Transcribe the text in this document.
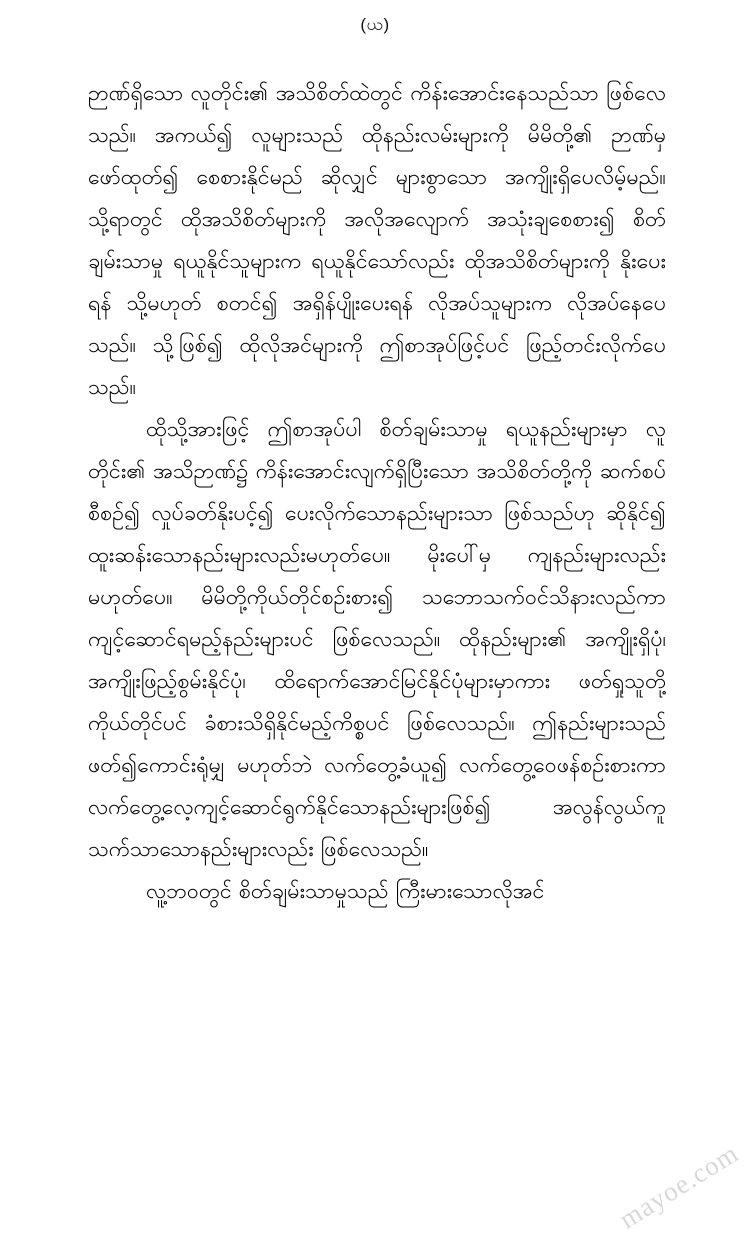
(ယ)

ဉာဏ်ရှိသော လူတိုင်း၏ အသိစိတ်ထဲတွင် ကိန်းအောင်းနေသည်သာ ဖြစ်လေသည်။ အကယ်၍ လူများသည် ထိုနည်းလမ်းများကို မိမိတို့၏ ဉာဏ်မှဖော်ထုတ်၍ စေစားနိုင်မည် ဆိုလျှင် များစွာသော အကျိုးရှိပေလိမ့်မည်။ သို့ရာတွင် ထိုအသိစိတ်များကို အလိုအလျောက် အသုံးချစေစား၍ စိတ်ချမ်းသာမှု ရယူနိုင်သူများက ရယူနိုင်သော်လည်း ထိုအသိစိတ်များကို နိုးပေးရန် သို့မဟုတ် စတင်၍ အရှိန်ပျိုးပေးရန် လိုအပ်သူများက လိုအပ်နေပေသည်။ သို့ဖြစ်၍ ထိုလိုအင်များကို ဤစာအုပ်ဖြင့်ပင် ဖြည့်တင်းလိုက်ပေသည်။

ထိုသို့အားဖြင့် ဤစာအုပ်ပါ စိတ်ချမ်းသာမှု ရယူနည်းများမှာ လူတိုင်း၏ အသိဉာဏ်၌ ကိန်းအောင်းလျက်ရှိပြီးသော အသိစိတ်တို့ကို ဆက်စပ်စီစဉ်၍ လှုပ်ခတ်နိုးပင့်၍ ပေးလိုက်သောနည်းများသာ ဖြစ်သည်ဟု ဆိုနိုင်၍ ထူးဆန်းသောနည်းများလည်းမဟုတ်ပေ။ မိုးပေါ်မှ ကျနည်းများလည်း မဟုတ်ပေ။ မိမိတို့ကိုယ်တိုင်စဉ်းစား၍ သဘောသက်ဝင်သိနားလည်ကာ ကျင့်ဆောင်ရမည့်နည်းများပင် ဖြစ်လေသည်။ ထိုနည်းများ၏ အကျိုးရှိပုံ၊ အကျိုးဖြည့်စွမ်းနိုင်ပုံ၊ ထိရောက်အောင်မြင်နိုင်ပုံများမှာကား ဖတ်ရှုသူတို့ကိုယ်တိုင်ပင် ခံစားသိရှိနိုင်မည့်ကိစ္စပင် ဖြစ်လေသည်။ ဤနည်းများသည် ဖတ်၍ကောင်းရုံမျှ မဟုတ်ဘဲ လက်တွေ့ခံယူ၍ လက်တွေ့ဝေဖန်စဉ်းစားကာ လက်တွေ့လေ့ကျင့်ဆောင်ရွက်နိုင်သောနည်းများဖြစ်၍ အလွန်လွယ်ကူသက်သာသောနည်းများလည်း ဖြစ်လေသည်။

လူ့ဘဝတွင် စိတ်ချမ်းသာမှုသည် ကြီးမားသောလိုအင်

mayoe.com
